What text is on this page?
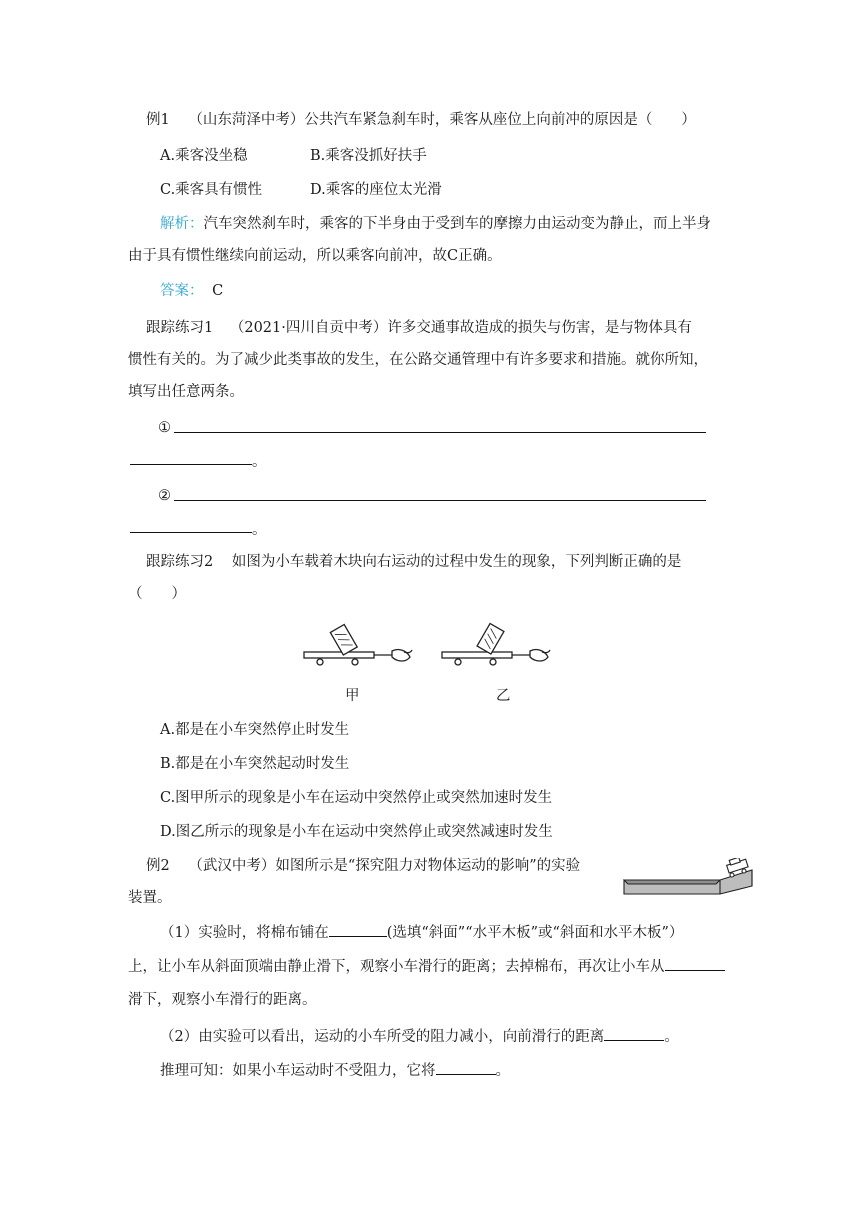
例1 （山东菏泽中考）公共汽车紧急刹车时，乘客从座位上向前冲的原因是（　　）
A.乘客没坐稳	B.乘客没抓好扶手
C.乘客具有惯性	D.乘客的座位太光滑
解析：汽车突然刹车时，乘客的下半身由于受到车的摩擦力由运动变为静止，而上半身
由于具有惯性继续向前运动，所以乘客向前冲，故C正确。
答案： C
跟踪练习1 （2021·四川自贡中考）许多交通事故造成的损失与伤害，是与物体具有
惯性有关的。为了减少此类事故的发生，在公路交通管理中有许多要求和措施。就你所知，
填写出任意两条。
①
。
②
。
跟踪练习2 如图为小车载着木块向右运动的过程中发生的现象，下列判断正确的是
（　　）
甲	乙
A.都是在小车突然停止时发生
B.都是在小车突然起动时发生
C.图甲所示的现象是小车在运动中突然停止或突然加速时发生
D.图乙所示的现象是小车在运动中突然停止或突然减速时发生
例2 （武汉中考）如图所示是“探究阻力对物体运动的影响”的实验
装置。
（1）实验时，将棉布铺在	(选填“斜面”“水平木板”或“斜面和水平木板”）
上，让小车从斜面顶端由静止滑下，观察小车滑行的距离；去掉棉布，再次让小车从
滑下，观察小车滑行的距离。
（2）由实验可以看出，运动的小车所受的阻力减小，向前滑行的距离	。
推理可知：如果小车运动时不受阻力，它将	。
